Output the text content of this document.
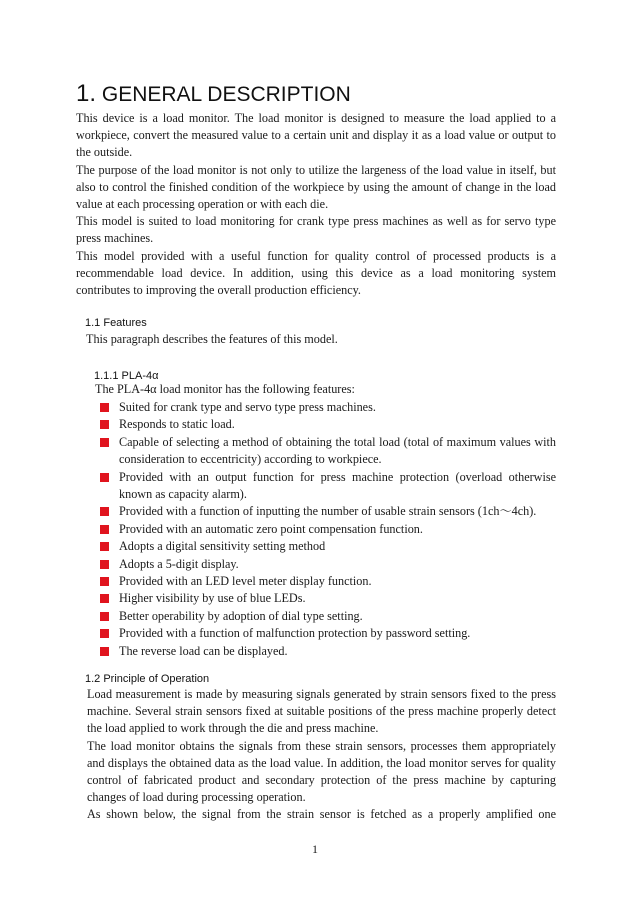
1. GENERAL DESCRIPTION

This device is a load monitor. The load monitor is designed to measure the load applied to a workpiece, convert the measured value to a certain unit and display it as a load value or output to the outside.

The purpose of the load monitor is not only to utilize the largeness of the load value in itself, but also to control the finished condition of the workpiece by using the amount of change in the load value at each processing operation or with each die.

This model is suited to load monitoring for crank type press machines as well as for servo type press machines.

This model provided with a useful function for quality control of processed products is a recommendable load device. In addition, using this device as a load monitoring system contributes to improving the overall production efficiency.

1.1 Features
This paragraph describes the features of this model.
1.1.1 PLA-4α
The PLA-4α load monitor has the following features:
Suited for crank type and servo type press machines.
Responds to static load.
Capable of selecting a method of obtaining the total load (total of maximum values with consideration to eccentricity) according to workpiece.
Provided with an output function for press machine protection (overload otherwise known as capacity alarm).
Provided with a function of inputting the number of usable strain sensors (1ch～4ch).
Provided with an automatic zero point compensation function.
Adopts a digital sensitivity setting method
Adopts a 5-digit display.
Provided with an LED level meter display function.
Higher visibility by use of blue LEDs.
Better operability by adoption of dial type setting.
Provided with a function of malfunction protection by password setting.
The reverse load can be displayed.
1.2 Principle of Operation

Load measurement is made by measuring signals generated by strain sensors fixed to the press machine. Several strain sensors fixed at suitable positions of the press machine properly detect the load applied to work through the die and press machine.

The load monitor obtains the signals from these strain sensors, processes them appropriately and displays the obtained data as the load value. In addition, the load monitor serves for quality control of fabricated product and secondary protection of the press machine by capturing changes of load during processing operation.

As shown below, the signal from the strain sensor is fetched as a properly amplified one

1
